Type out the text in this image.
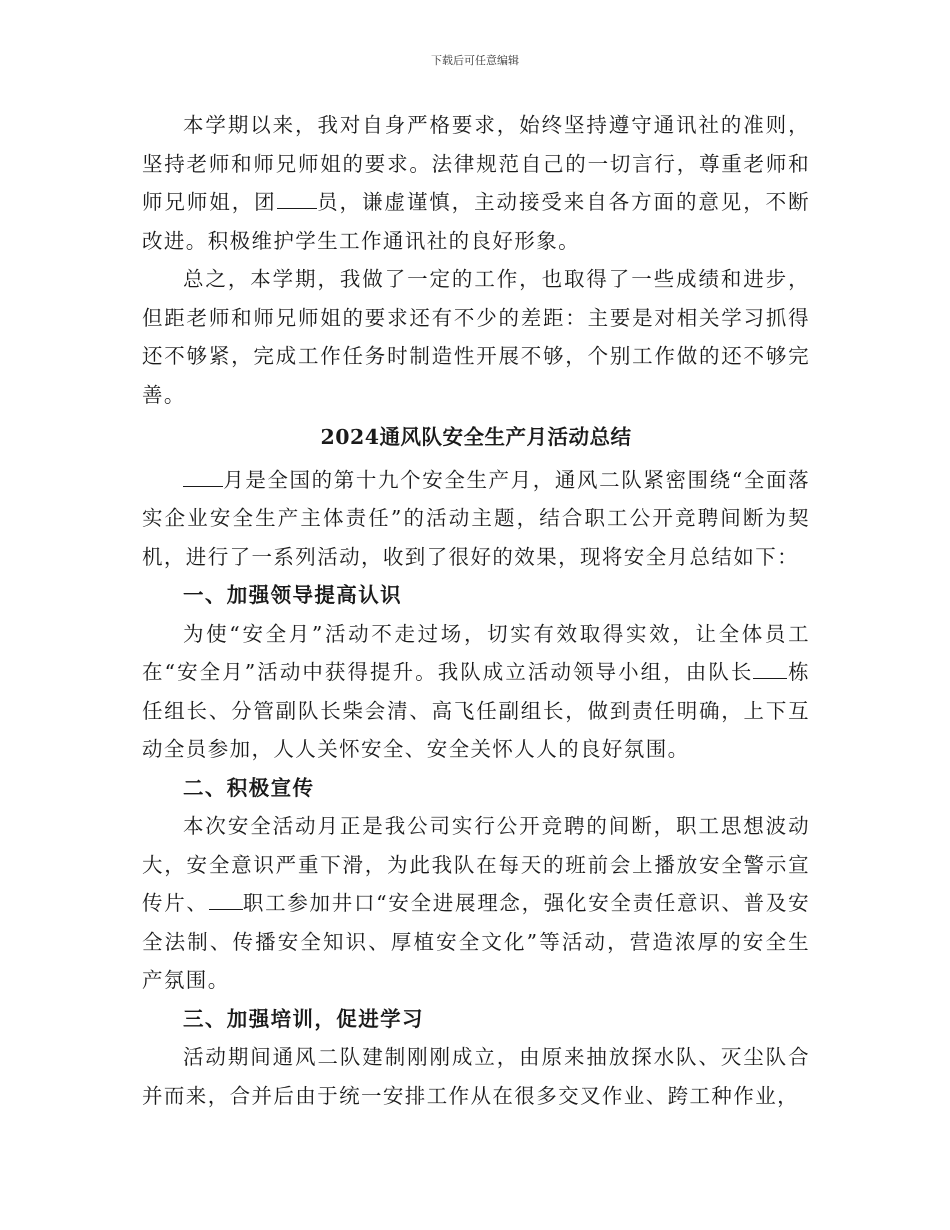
下载后可任意编辑

本学期以来，我对自身严格要求，始终坚持遵守通讯社的准则，坚持老师和师兄师姐的要求。法律规范自己的一切言行，尊重老师和师兄师姐，团 员，谦虚谨慎，主动接受来自各方面的意见，不断改进。积极维护学生工作通讯社的良好形象。

总之，本学期，我做了一定的工作，也取得了一些成绩和进步，但距老师和师兄师姐的要求还有不少的差距：主要是对相关学习抓得还不够紧，完成工作任务时制造性开展不够，个别工作做的还不够完善。

2024通风队安全生产月活动总结

月是全国的第十九个安全生产月，通风二队紧密围绕“全面落实企业安全生产主体责任”的活动主题，结合职工公开竞聘间断为契机，进行了一系列活动，收到了很好的效果，现将安全月总结如下：

一、加强领导提高认识

为使“安全月”活动不走过场，切实有效取得实效，让全体员工在“安全月”活动中获得提升。我队成立活动领导小组，由队长 栋任组长、分管副队长柴会清、高飞任副组长，做到责任明确，上下互动全员参加，人人关怀安全、安全关怀人人的良好氛围。

二、积极宣传

本次安全活动月正是我公司实行公开竞聘的间断，职工思想波动大，安全意识严重下滑，为此我队在每天的班前会上播放安全警示宣传片、 职工参加井口“安全进展理念，强化安全责任意识、普及安全法制、传播安全知识、厚植安全文化”等活动，营造浓厚的安全生产氛围。

三、加强培训，促进学习

活动期间通风二队建制刚刚成立，由原来抽放探水队、灭尘队合并而来，合并后由于统一安排工作从在很多交叉作业、跨工种作业，
